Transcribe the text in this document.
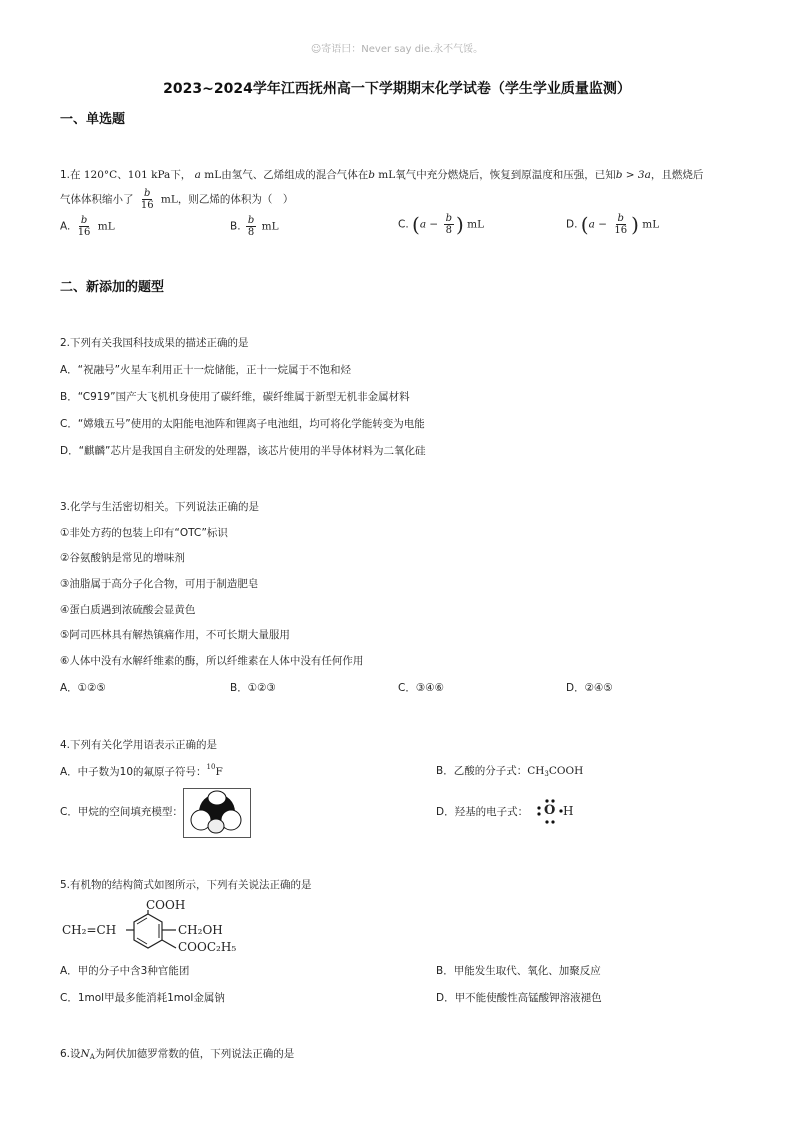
☺寄语曰：Never say die.永不气馁。
2023~2024学年江西抚州高一下学期期末化学试卷（学生学业质量监测）
一、单选题
1.在 120°C、101 kPa下， a mL由氢气、乙烯组成的混合气体在b mL氧气中充分燃烧后，恢复到原温度和压强，已知b > 3a，且燃烧后
气体体积缩小了 $\frac{b}{16}$ mL，则乙烯的体积为（　）
A. $\frac{b}{16}$ mL	B. $\frac{b}{8}$ mL	C. ($a - \frac{b}{8}$ ) mL	D. ($a - \frac{b}{16}$ ) mL
二、新添加的题型
2.下列有关我国科技成果的描述正确的是
A．“祝融号”火星车利用正十一烷储能，正十一烷属于不饱和烃
B．“C919”国产大飞机机身使用了碳纤维，碳纤维属于新型无机非金属材料
C．“嫦娥五号”使用的太阳能电池阵和锂离子电池组，均可将化学能转变为电能
D．“麒麟”芯片是我国自主研发的处理器，该芯片使用的半导体材料为二氧化硅
3.化学与生活密切相关。下列说法正确的是
①非处方药的包装上印有“OTC”标识
②谷氨酸钠是常见的增味剂
③油脂属于高分子化合物，可用于制造肥皂
④蛋白质遇到浓硫酸会显黄色
⑤阿司匹林具有解热镇痛作用，不可长期大量服用
⑥人体中没有水解纤维素的酶，所以纤维素在人体中没有任何作用
A．①②⑤	B．①②③	C．③④⑥	D．②④⑤
4.下列有关化学用语表示正确的是
A．中子数为10的氟原子符号：$^{10}$F	B．乙酸的分子式：$CH_3COOH$
C．甲烷的空间填充模型：	D．羟基的电子式： O H
5.有机物的结构简式如图所示，下列有关说法正确的是
COOH
CH₂=CH	CH₂OH
COOC₂H₅
A．甲的分子中含3种官能团	B．甲能发生取代、氧化、加聚反应
C．1mol甲最多能消耗1mol金属钠	D．甲不能使酸性高锰酸钾溶液褪色
6.设$N_A$为阿伏加德罗常数的值，下列说法正确的是
